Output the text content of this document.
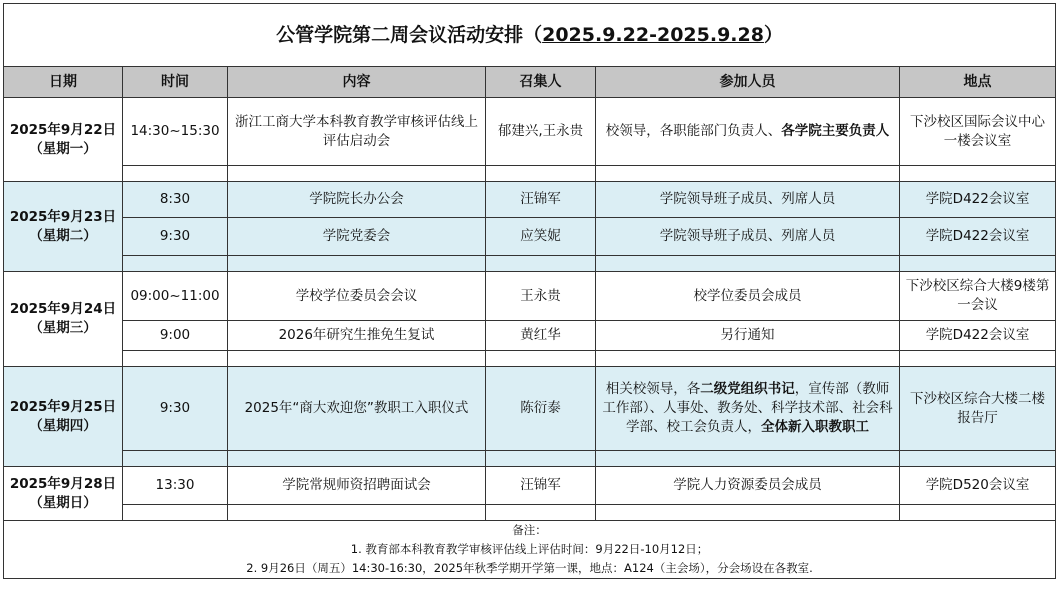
公管学院第二周会议活动安排（2025.9.22-2025.9.28）					
日期	时间	内容	召集人	参加人员	地点

2025年9月22日
（星期一）	14:30~15:30	浙江工商大学本科教育教学审核评估线上评估启动会	郁建兴,王永贵	校领导，各职能部门负责人、各学院主要负责人	下沙校区国际会议中心一楼会议室

2025年9月23日
（星期二）	8:30	学院院长办公会	汪锦军	学院领导班子成员、列席人员	学院D422会议室
	9:30	学院党委会	应笑妮	学院领导班子成员、列席人员	学院D422会议室

2025年9月24日
（星期三）	09:00~11:00	学校学位委员会会议	王永贵	校学位委员会成员	下沙校区综合大楼9楼第一会议
	9:00	2026年研究生推免生复试	黄红华	另行通知	学院D422会议室

2025年9月25日
（星期四）	9:30	2025年“商大欢迎您”教职工入职仪式	陈衍泰	相关校领导，各二级党组织书记，宣传部（教师工作部）、人事处、教务处、科学技术部、社会科学部、校工会负责人，全体新入职教职工	下沙校区综合大楼二楼报告厅

2025年9月28日
（星期日）	13:30	学院常规师资招聘面试会	汪锦军	学院人力资源委员会成员	学院D520会议室

备注：
1. 教育部本科教育教学审核评估线上评估时间：9月22日-10月12日；
2. 9月26日（周五）14:30-16:30，2025年秋季学期开学第一课，地点：A124（主会场），分会场设在各教室.					
